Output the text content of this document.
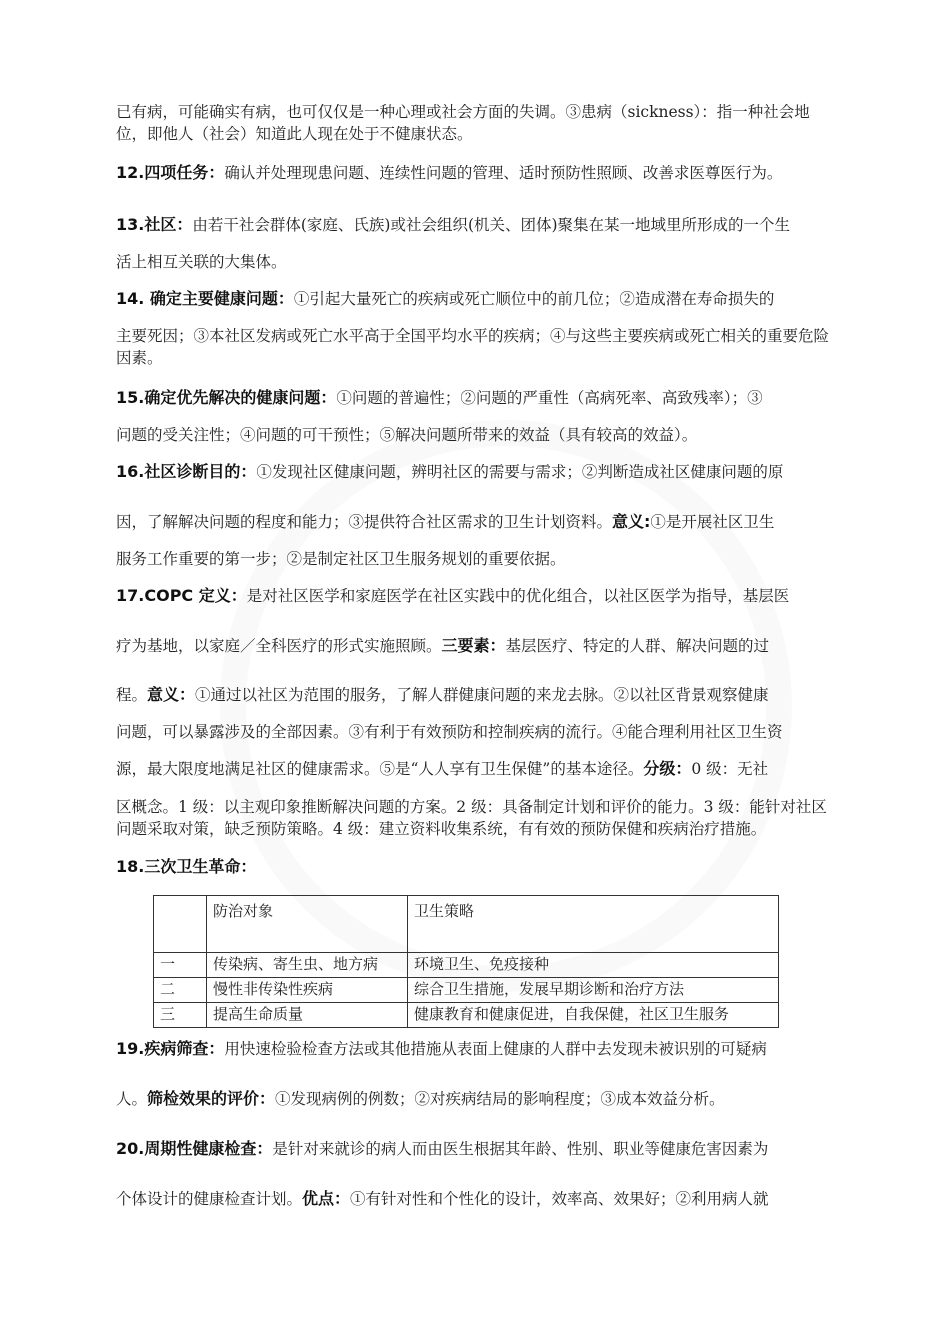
已有病，可能确实有病，也可仅仅是一种心理或社会方面的失调。③患病（sickness）：指一种社会地位，即他人（社会）知道此人现在处于不健康状态。

12.四项任务：确认并处理现患问题、连续性问题的管理、适时预防性照顾、改善求医尊医行为。

13.社区：由若干社会群体(家庭、氏族)或社会组织(机关、团体)聚集在某一地域里所形成的一个生

活上相互关联的大集体。

14. 确定主要健康问题：①引起大量死亡的疾病或死亡顺位中的前几位；②造成潜在寿命损失的

主要死因；③本社区发病或死亡水平高于全国平均水平的疾病；④与这些主要疾病或死亡相关的重要危险因素。

15.确定优先解决的健康问题：①问题的普遍性；②问题的严重性（高病死率、高致残率）；③

问题的受关注性；④问题的可干预性；⑤解决问题所带来的效益（具有较高的效益）。

16.社区诊断目的：①发现社区健康问题，辨明社区的需要与需求；②判断造成社区健康问题的原

因，了解解决问题的程度和能力；③提供符合社区需求的卫生计划资料。意义:①是开展社区卫生

服务工作重要的第一步；②是制定社区卫生服务规划的重要依据。

17.COPC 定义：是对社区医学和家庭医学在社区实践中的优化组合，以社区医学为指导，基层医

疗为基地，以家庭／全科医疗的形式实施照顾。三要素：基层医疗、特定的人群、解决问题的过

程。意义：①通过以社区为范围的服务，了解人群健康问题的来龙去脉。②以社区背景观察健康

问题，可以暴露涉及的全部因素。③有利于有效预防和控制疾病的流行。④能合理利用社区卫生资

源，最大限度地满足社区的健康需求。⑤是“人人享有卫生保健”的基本途径。分级：0 级：无社

区概念。1 级：以主观印象推断解决问题的方案。2 级：具备制定计划和评价的能力。3 级：能针对社区问题采取对策，缺乏预防策略。4 级：建立资料收集系统，有有效的预防保健和疾病治疗措施。

18.三次卫生革命：

	防治对象	卫生策略
一	传染病、寄生虫、地方病	环境卫生、免疫接种
二	慢性非传染性疾病	综合卫生措施，发展早期诊断和治疗方法
三	提高生命质量	健康教育和健康促进，自我保健，社区卫生服务

19.疾病筛查：用快速检验检查方法或其他措施从表面上健康的人群中去发现未被识别的可疑病

人。筛检效果的评价：①发现病例的例数；②对疾病结局的影响程度；③成本效益分析。

20.周期性健康检查：是针对来就诊的病人而由医生根据其年龄、性别、职业等健康危害因素为

个体设计的健康检查计划。优点：①有针对性和个性化的设计，效率高、效果好；②利用病人就
